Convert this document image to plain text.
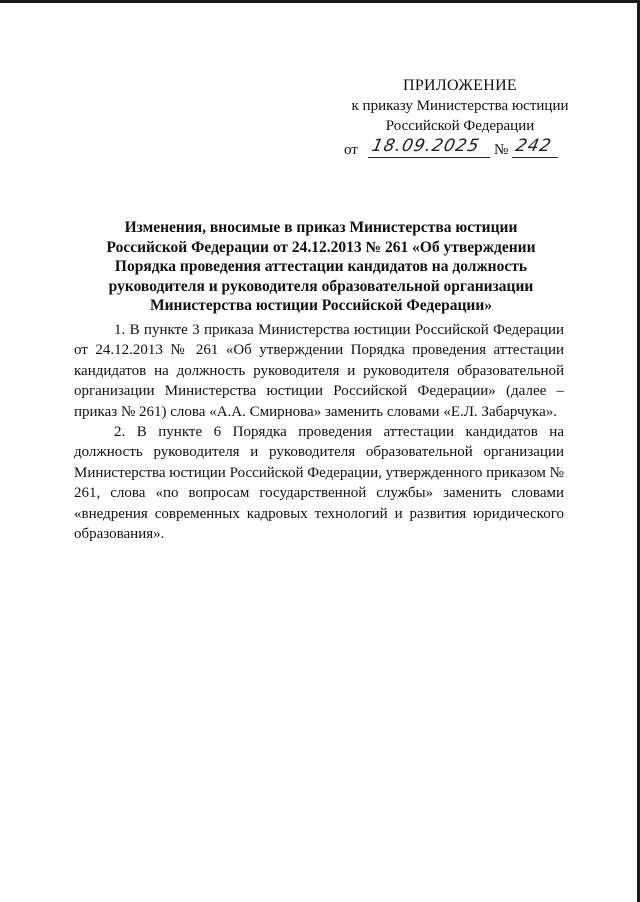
ПРИЛОЖЕНИЕ
к приказу Министерства юстиции
Российской Федерации
от 18.09.2025 № 242
Изменения, вносимые в приказ Министерства юстиции Российской Федерации от 24.12.2013 № 261 «Об утверждении Порядка проведения аттестации кандидатов на должность руководителя и руководителя образовательной организации Министерства юстиции Российской Федерации»

1. В пункте 3 приказа Министерства юстиции Российской Федерации от 24.12.2013 № 261 «Об утверждении Порядка проведения аттестации кандидатов на должность руководителя и руководителя образовательной организации Министерства юстиции Российской Федерации» (далее – приказ № 261) слова «А.А. Смирнова» заменить словами «Е.Л. Забарчука».

2. В пункте 6 Порядка проведения аттестации кандидатов на должность руководителя и руководителя образовательной организации Министерства юстиции Российской Федерации, утвержденного приказом № 261, слова «по вопросам государственной службы» заменить словами «внедрения современных кадровых технологий и развития юридического образования».
